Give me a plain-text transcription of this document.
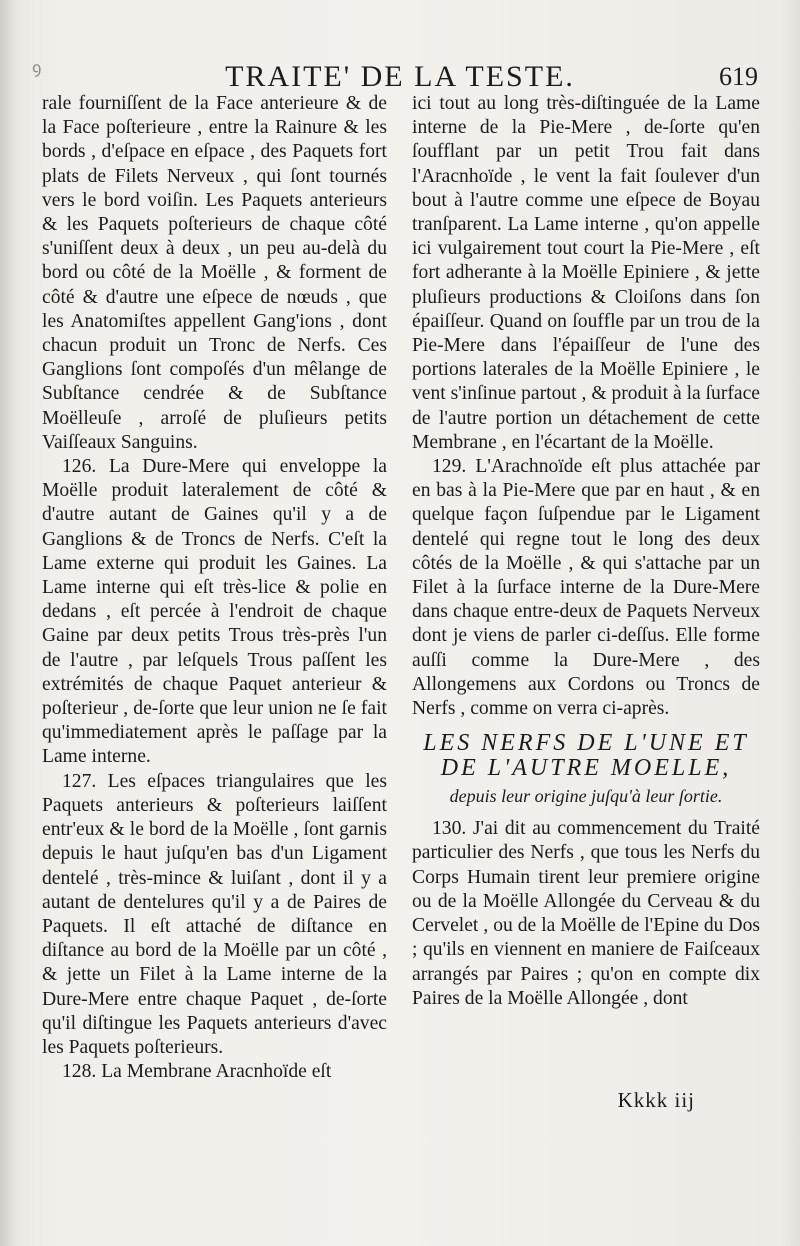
ꝯ	TRAITE' DE LA TESTE.	619

rale fourniſſent de la Face anterieure & de la Face poſterieure , entre la Rainure & les bords , d'eſpace en eſpace , des Paquets fort plats de Filets Nerveux , qui ſont tournés vers le bord voiſin. Les Paquets anterieurs & les Paquets poſterieurs de chaque côté s'uniſſent deux à deux , un peu au-delà du bord ou côté de la Moëlle , & forment de côté & d'autre une eſpece de nœuds , que les Anatomiſtes appellent Gang'ions , dont chacun produit un Tronc de Nerfs. Ces Ganglions ſont compoſés d'un mêlange de Subſtance cendrée & de Subſtance Moëlleuſe , arroſé de pluſieurs petits Vaiſſeaux Sanguins.

126. La Dure-Mere qui enveloppe la Moëlle produit lateralement de côté & d'autre autant de Gaines qu'il y a de Ganglions & de Troncs de Nerfs. C'eſt la Lame externe qui produit les Gaines. La Lame interne qui eſt très-lice & polie en dedans , eſt percée à l'endroit de chaque Gaine par deux petits Trous très-près l'un de l'autre , par leſquels Trous paſſent les extrémités de chaque Paquet anterieur & poſterieur , de-ſorte que leur union ne ſe fait qu'immediatement après le paſſage par la Lame interne.

127. Les eſpaces triangulaires que les Paquets anterieurs & poſterieurs laiſſent entr'eux & le bord de la Moëlle , ſont garnis depuis le haut juſqu'en bas d'un Ligament dentelé , très-mince & luiſant , dont il y a autant de dentelures qu'il y a de Paires de Paquets. Il eſt attaché de diſtance en diſtance au bord de la Moëlle par un côté , & jette un Filet à la Lame interne de la Dure-Mere entre chaque Paquet , de-ſorte qu'il diſtingue les Paquets anterieurs d'avec les Paquets poſterieurs.

128. La Membrane Aracnhoïde eſt

ici tout au long très-diſtinguée de la Lame interne de la Pie-Mere , de-ſorte qu'en ſoufflant par un petit Trou fait dans l'Aracnhoïde , le vent la fait ſoulever d'un bout à l'autre comme une eſpece de Boyau tranſparent. La Lame interne , qu'on appelle ici vulgairement tout court la Pie-Mere , eſt fort adherante à la Moëlle Epiniere , & jette pluſieurs productions & Cloiſons dans ſon épaiſſeur. Quand on ſouffle par un trou de la Pie-Mere dans l'épaiſſeur de l'une des portions laterales de la Moëlle Epiniere , le vent s'inſinue partout , & produit à la ſurface de l'autre portion un détachement de cette Membrane , en l'écartant de la Moëlle.

129. L'Arachnoïde eſt plus attachée par en bas à la Pie-Mere que par en haut , & en quelque façon ſuſpendue par le Ligament dentelé qui regne tout le long des deux côtés de la Moëlle , & qui s'attache par un Filet à la ſurface interne de la Dure-Mere dans chaque entre-deux de Paquets Nerveux dont je viens de parler ci-deſſus. Elle forme auſſi comme la Dure-Mere , des Allongemens aux Cordons ou Troncs de Nerfs , comme on verra ci-après.

LES NERFS DE L'UNE ET DE L'AUTRE MOELLE,
depuis leur origine juſqu'à leur ſortie.

130. J'ai dit au commencement du Traité particulier des Nerfs , que tous les Nerfs du Corps Humain tirent leur premiere origine ou de la Moëlle Allongée du Cerveau & du Cervelet , ou de la Moëlle de l'Epine du Dos ; qu'ils en viennent en maniere de Faiſceaux arrangés par Paires ; qu'on en compte dix Paires de la Moëlle Allongée , dont

Kkkk iij
